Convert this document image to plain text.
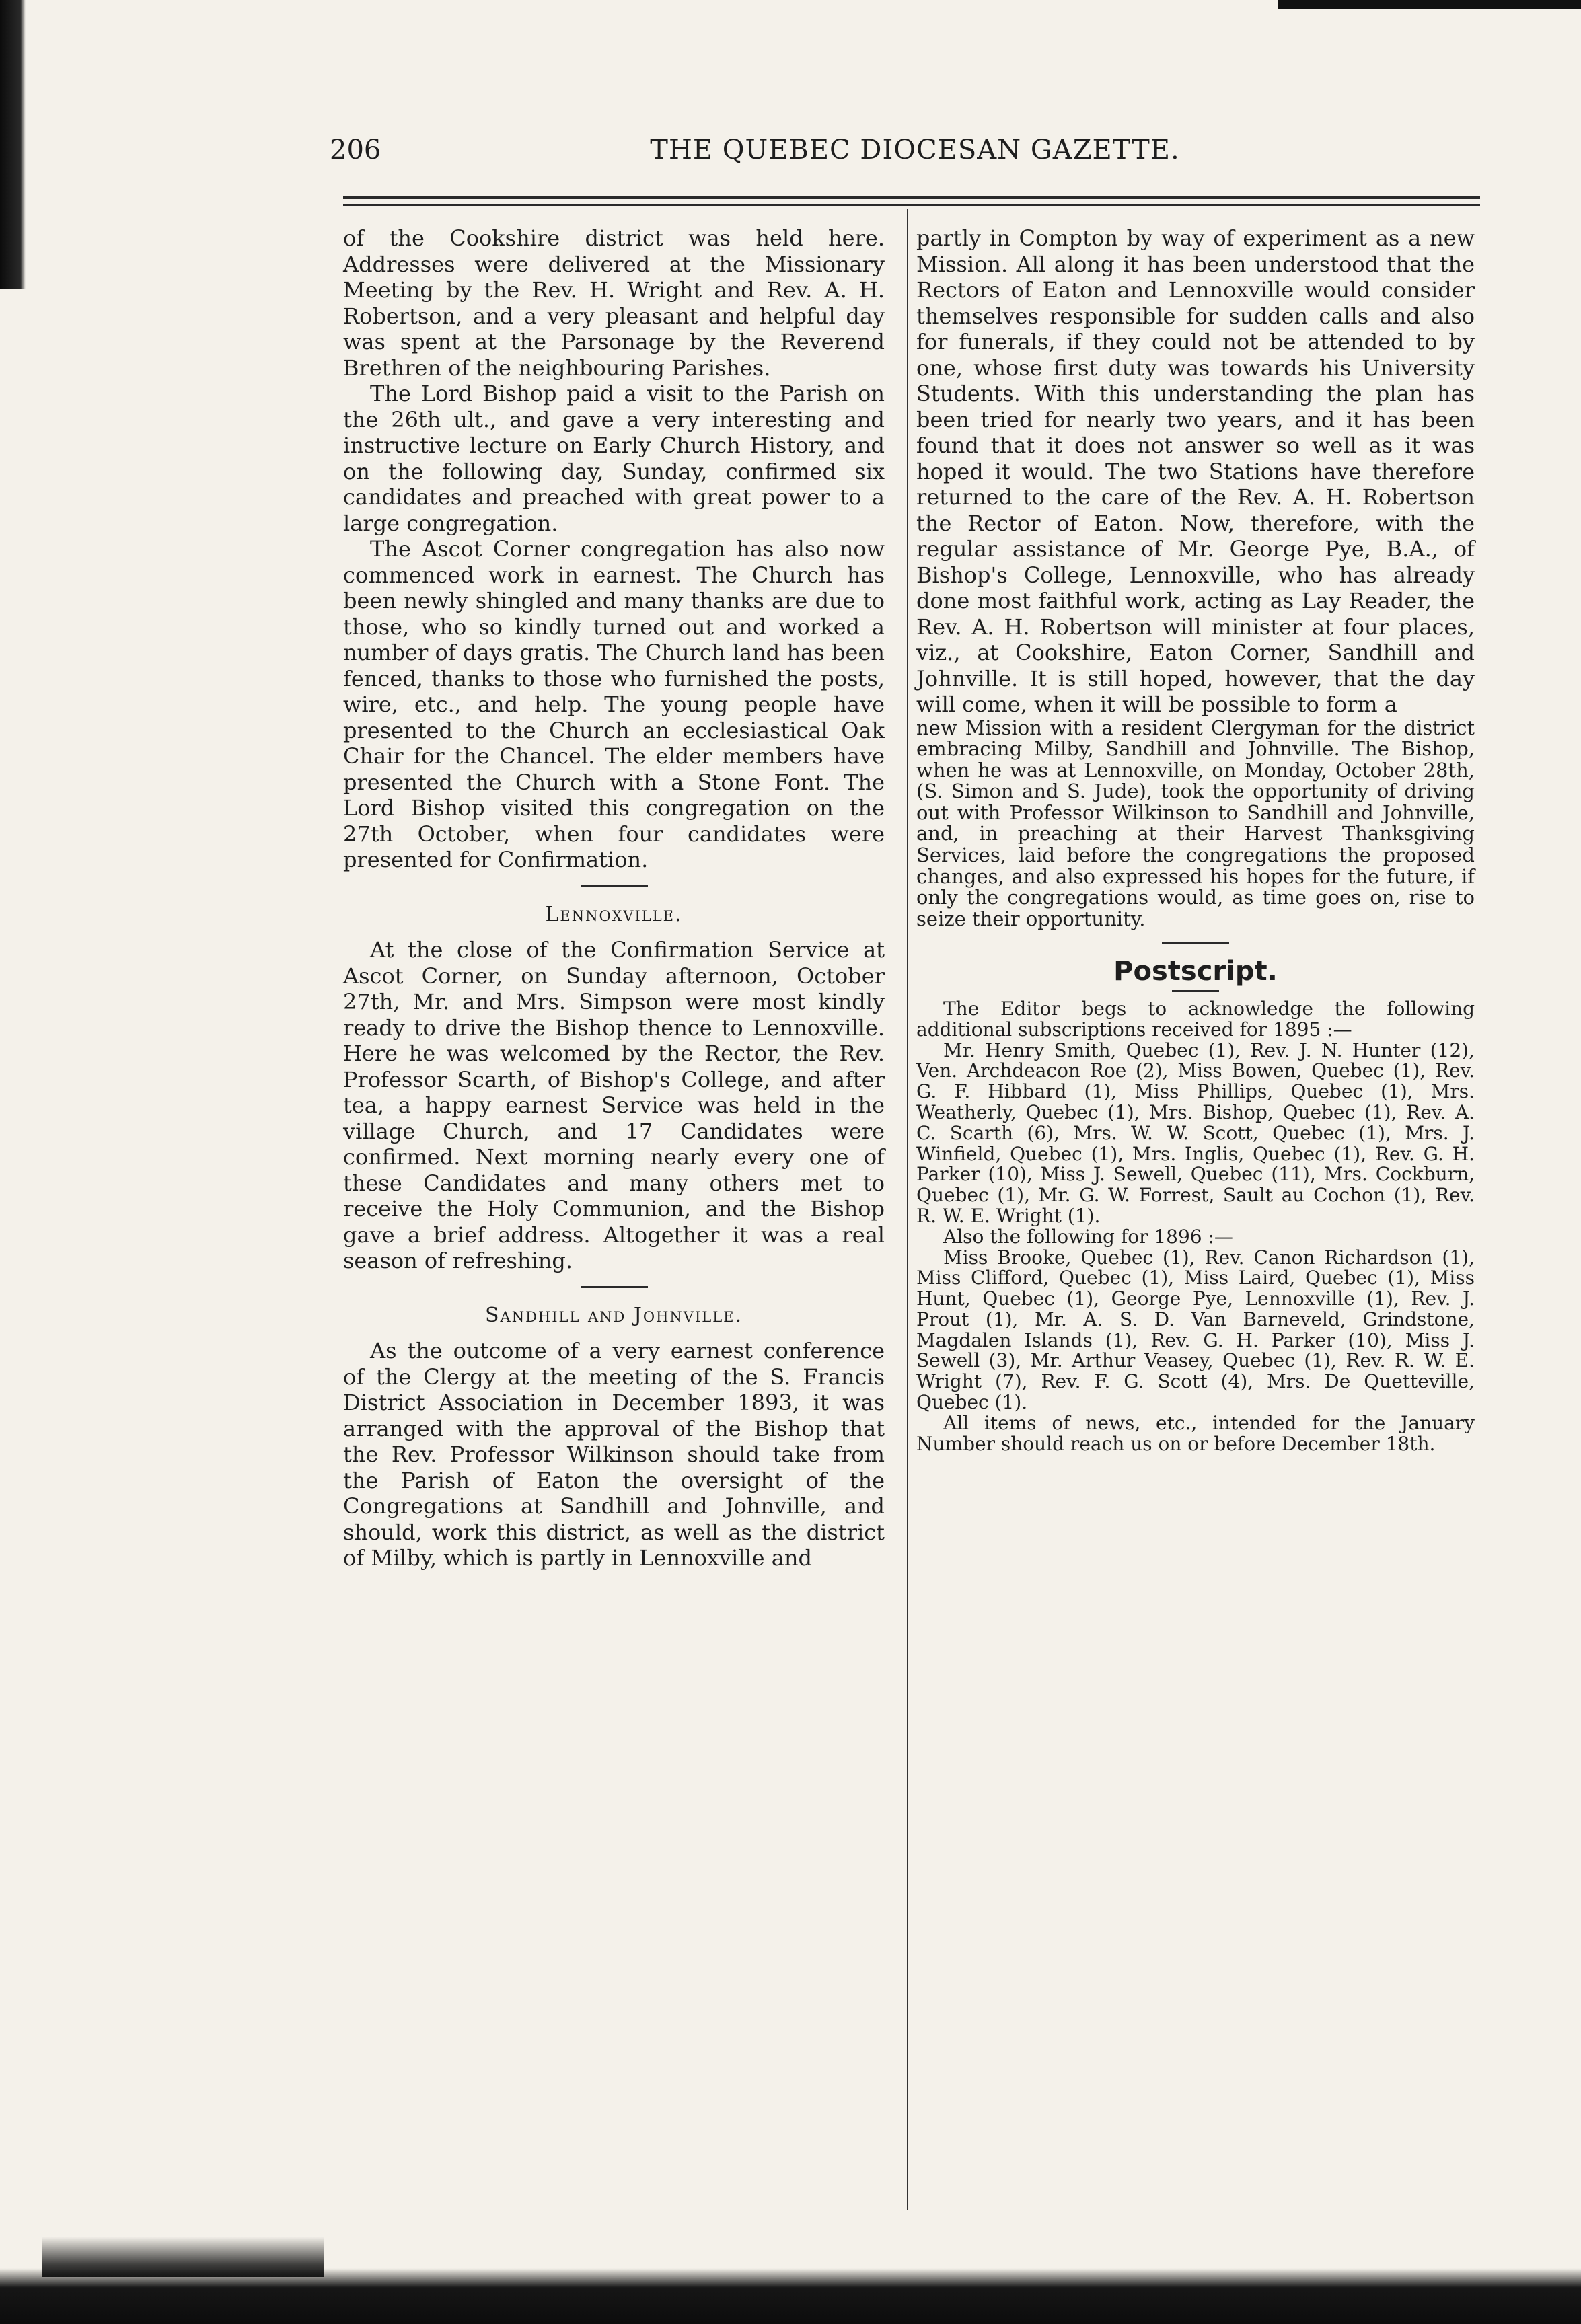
206	THE QUEBEC DIOCESAN GAZETTE.

of the Cookshire district was held here. Addresses were delivered at the Missionary Meeting by the Rev. H. Wright and Rev. A. H. Robertson, and a very pleasant and helpful day was spent at the Parsonage by the Reverend Brethren of the neighbouring Parishes.

The Lord Bishop paid a visit to the Parish on the 26th ult., and gave a very interesting and instructive lecture on Early Church History, and on the following day, Sunday, confirmed six candidates and preached with great power to a large congregation.

The Ascot Corner congregation has also now commenced work in earnest. The Church has been newly shingled and many thanks are due to those, who so kindly turned out and worked a number of days gratis. The Church land has been fenced, thanks to those who furnished the posts, wire, etc., and help. The young people have presented to the Church an ecclesiastical Oak Chair for the Chancel. The elder members have presented the Church with a Stone Font. The Lord Bishop visited this congregation on the 27th October, when four candidates were presented for Confirmation.

Lennoxville.

At the close of the Confirmation Service at Ascot Corner, on Sunday afternoon, October 27th, Mr. and Mrs. Simpson were most kindly ready to drive the Bishop thence to Lennoxville. Here he was welcomed by the Rector, the Rev. Professor Scarth, of Bishop's College, and after tea, a happy earnest Service was held in the village Church, and 17 Candidates were confirmed. Next morning nearly every one of these Candidates and many others met to receive the Holy Communion, and the Bishop gave a brief address. Altogether it was a real season of refreshing.

Sandhill and Johnville.

As the outcome of a very earnest conference of the Clergy at the meeting of the S. Francis District Association in December 1893, it was arranged with the approval of the Bishop that the Rev. Professor Wilkinson should take from the Parish of Eaton the oversight of the Congregations at Sandhill and Johnville, and should, work this district, as well as the district of Milby, which is partly in Lennoxville and

partly in Compton by way of experiment as a new Mission. All along it has been understood that the Rectors of Eaton and Lennoxville would consider themselves responsible for sudden calls and also for funerals, if they could not be attended to by one, whose first duty was towards his University Students. With this understanding the plan has been tried for nearly two years, and it has been found that it does not answer so well as it was hoped it would. The two Stations have therefore returned to the care of the Rev. A. H. Robertson the Rector of Eaton. Now, therefore, with the regular assistance of Mr. George Pye, B.A., of Bishop's College, Lennoxville, who has already done most faithful work, acting as Lay Reader, the Rev. A. H. Robertson will minister at four places, viz., at Cookshire, Eaton Corner, Sandhill and Johnville. It is still hoped, however, that the day will come, when it will be possible to form a

new Mission with a resident Clergyman for the district embracing Milby, Sandhill and Johnville. The Bishop, when he was at Lennoxville, on Monday, October 28th, (S. Simon and S. Jude), took the opportunity of driving out with Professor Wilkinson to Sandhill and Johnville, and, in preaching at their Harvest Thanksgiving Services, laid before the congregations the proposed changes, and also expressed his hopes for the future, if only the congregations would, as time goes on, rise to seize their opportunity.

Postscript.

The Editor begs to acknowledge the following additional subscriptions received for 1895 :—

Mr. Henry Smith, Quebec (1), Rev. J. N. Hunter (12), Ven. Archdeacon Roe (2), Miss Bowen, Quebec (1), Rev. G. F. Hibbard (1), Miss Phillips, Quebec (1), Mrs. Weatherly, Quebec (1), Mrs. Bishop, Quebec (1), Rev. A. C. Scarth (6), Mrs. W. W. Scott, Quebec (1), Mrs. J. Winfield, Quebec (1), Mrs. Inglis, Quebec (1), Rev. G. H. Parker (10), Miss J. Sewell, Quebec (11), Mrs. Cockburn, Quebec (1), Mr. G. W. Forrest, Sault au Cochon (1), Rev. R. W. E. Wright (1).

Also the following for 1896 :—

Miss Brooke, Quebec (1), Rev. Canon Richardson (1), Miss Clifford, Quebec (1), Miss Laird, Quebec (1), Miss Hunt, Quebec (1), George Pye, Lennoxville (1), Rev. J. Prout (1), Mr. A. S. D. Van Barneveld, Grindstone, Magdalen Islands (1), Rev. G. H. Parker (10), Miss J. Sewell (3), Mr. Arthur Veasey, Quebec (1), Rev. R. W. E. Wright (7), Rev. F. G. Scott (4), Mrs. De Quetteville, Quebec (1).

All items of news, etc., intended for the January Number should reach us on or before December 18th.
